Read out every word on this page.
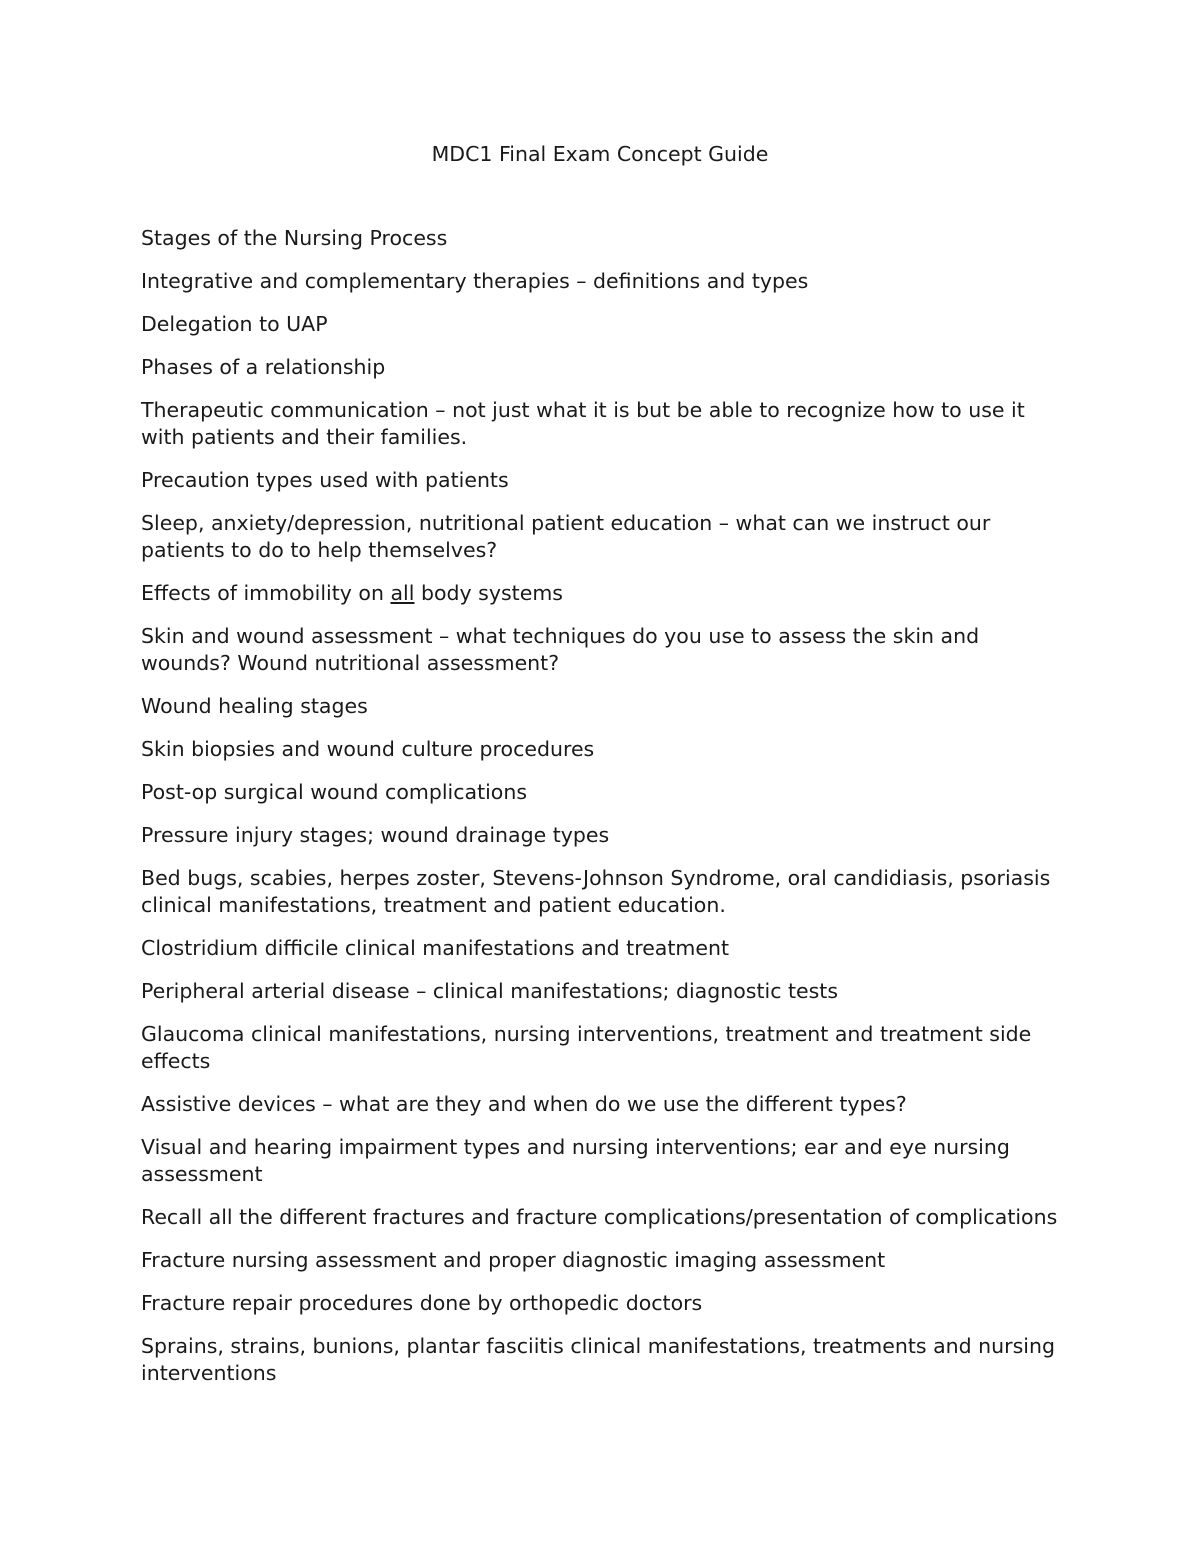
MDC1 Final Exam Concept Guide
Stages of the Nursing Process
Integrative and complementary therapies – definitions and types
Delegation to UAP
Phases of a relationship
Therapeutic communication – not just what it is but be able to recognize how to use it with patients and their families.
Precaution types used with patients
Sleep, anxiety/depression, nutritional patient education – what can we instruct our patients to do to help themselves?
Effects of immobility on all body systems
Skin and wound assessment – what techniques do you use to assess the skin and wounds? Wound nutritional assessment?
Wound healing stages
Skin biopsies and wound culture procedures
Post-op surgical wound complications
Pressure injury stages; wound drainage types
Bed bugs, scabies, herpes zoster, Stevens-Johnson Syndrome, oral candidiasis, psoriasis clinical manifestations, treatment and patient education.
Clostridium difficile clinical manifestations and treatment
Peripheral arterial disease – clinical manifestations; diagnostic tests
Glaucoma clinical manifestations, nursing interventions, treatment and treatment side effects
Assistive devices – what are they and when do we use the different types?
Visual and hearing impairment types and nursing interventions; ear and eye nursing assessment
Recall all the different fractures and fracture complications/presentation of complications
Fracture nursing assessment and proper diagnostic imaging assessment
Fracture repair procedures done by orthopedic doctors
Sprains, strains, bunions, plantar fasciitis clinical manifestations, treatments and nursing interventions
